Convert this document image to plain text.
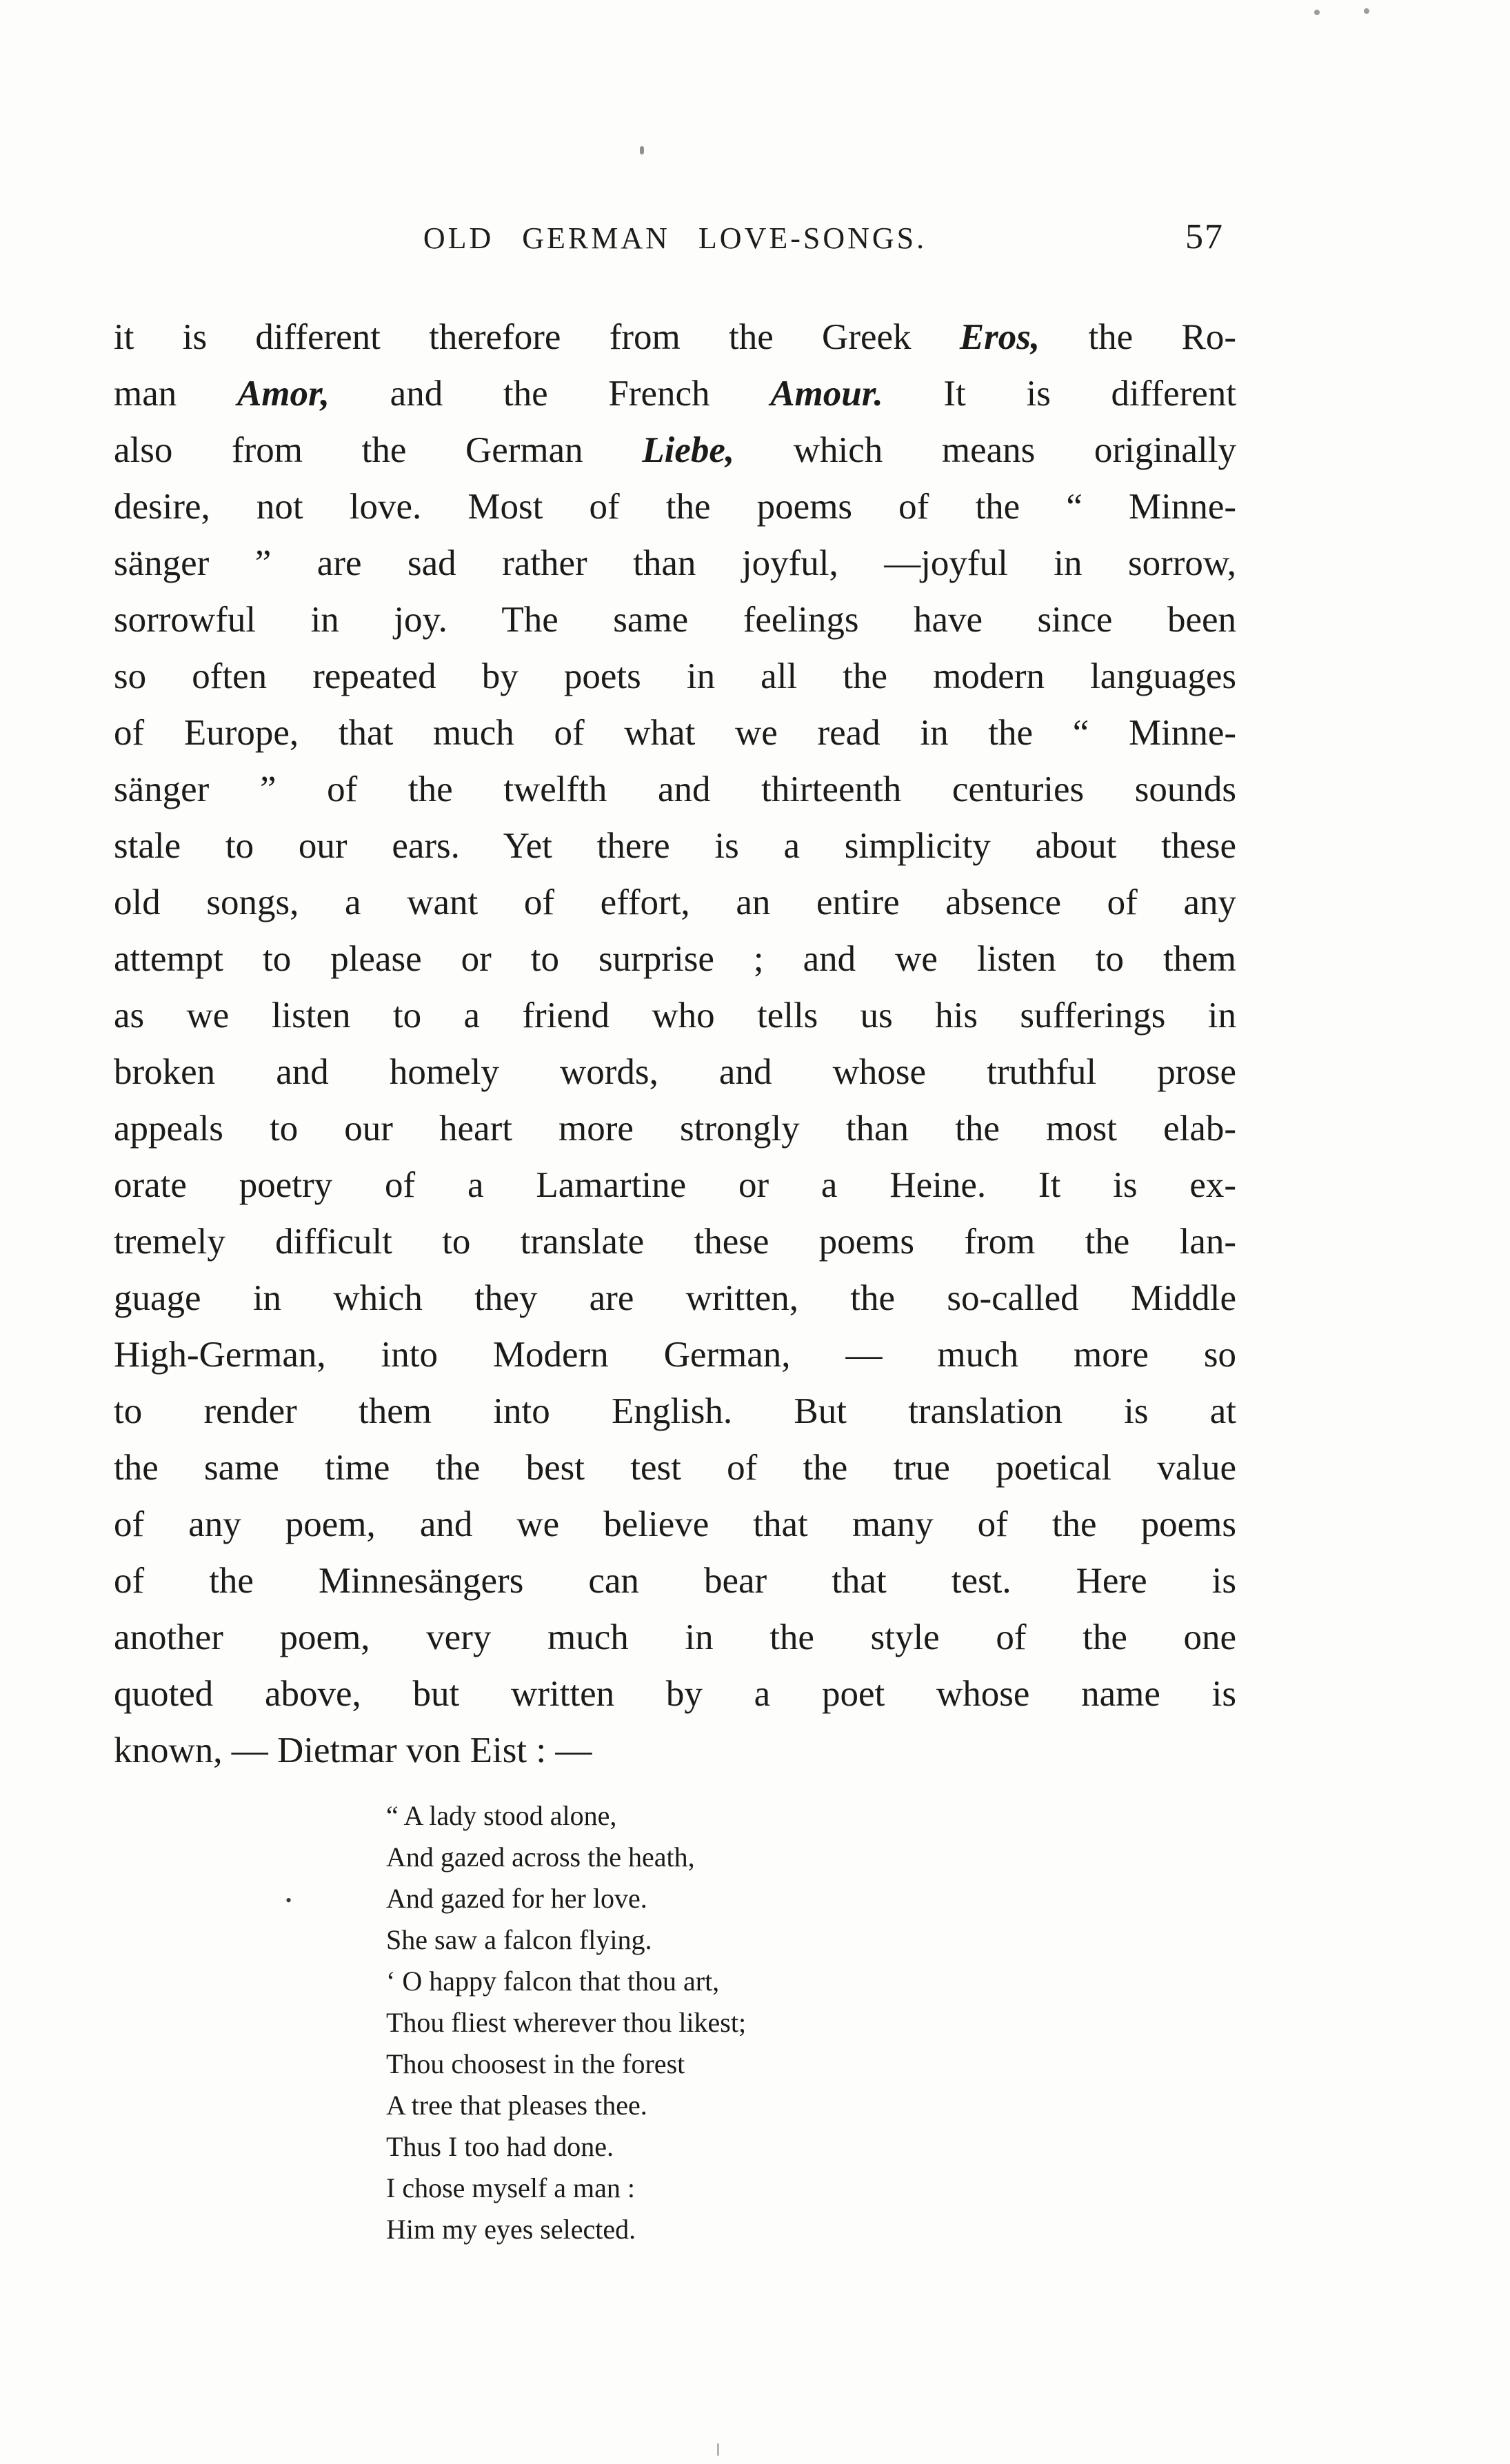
OLD GERMAN LOVE-SONGS.	57
it is different therefore from the Greek Eros, the Ro-
man Amor, and the French Amour. It is different
also from the German Liebe, which means originally
desire, not love. Most of the poems of the “ Minne-
sänger ” are sad rather than joyful, —joyful in sorrow,
sorrowful in joy. The same feelings have since been
so often repeated by poets in all the modern languages
of Europe, that much of what we read in the “ Minne-
sänger ” of the twelfth and thirteenth centuries sounds
stale to our ears. Yet there is a simplicity about these
old songs, a want of effort, an entire absence of any
attempt to please or to surprise ; and we listen to them
as we listen to a friend who tells us his sufferings in
broken and homely words, and whose truthful prose
appeals to our heart more strongly than the most elab-
orate poetry of a Lamartine or a Heine. It is ex-
tremely difficult to translate these poems from the lan-
guage in which they are written, the so-called Middle
High-German, into Modern German, — much more so
to render them into English. But translation is at
the same time the best test of the true poetical value
of any poem, and we believe that many of the poems
of the Minnesängers can bear that test. Here is
another poem, very much in the style of the one
quoted above, but written by a poet whose name is
known, — Dietmar von Eist : —
“ A lady stood alone,
And gazed across the heath,
And gazed for her love.
She saw a falcon flying.
‘ O happy falcon that thou art,
Thou fliest wherever thou likest;
Thou choosest in the forest
A tree that pleases thee.
Thus I too had done.
I chose myself a man :
Him my eyes selected.
•
